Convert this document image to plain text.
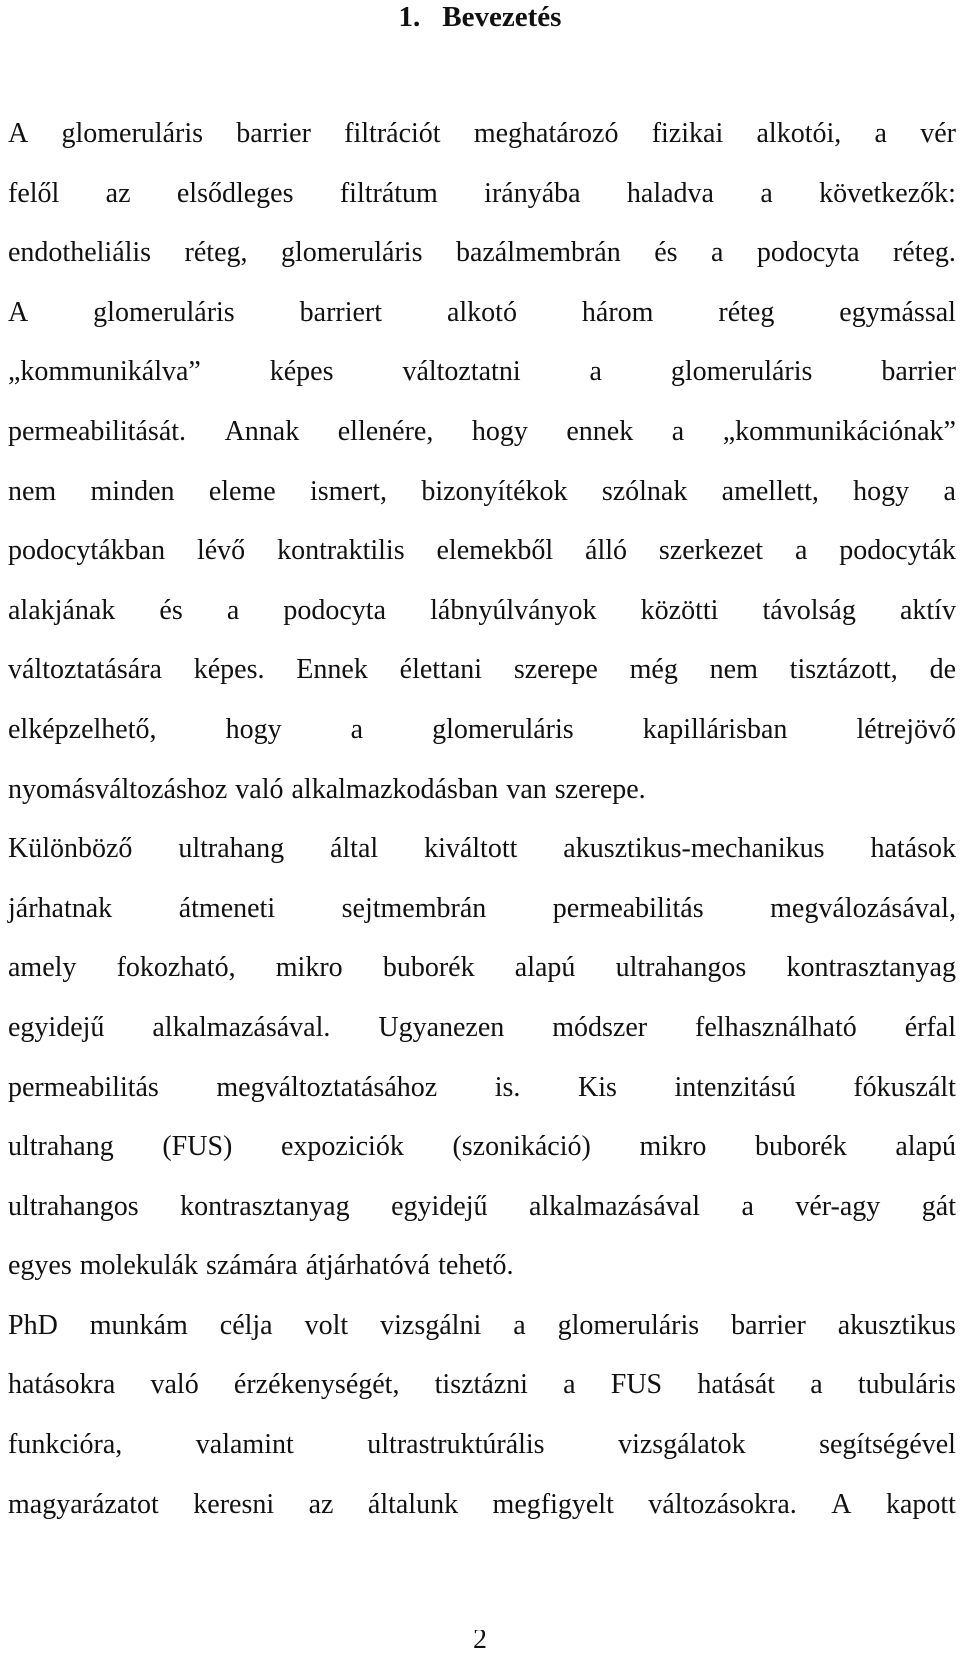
1. Bevezetés
A glomeruláris barrier filtrációt meghatározó fizikai alkotói, a vér
felől az elsődleges filtrátum irányába haladva a következők:
endotheliális réteg, glomeruláris bazálmembrán és a podocyta réteg.
A glomeruláris barriert alkotó három réteg egymással
„kommunikálva” képes változtatni a glomeruláris barrier
permeabilitását. Annak ellenére, hogy ennek a „kommunikációnak”
nem minden eleme ismert, bizonyítékok szólnak amellett, hogy a
podocytákban lévő kontraktilis elemekből álló szerkezet a podocyták
alakjának és a podocyta lábnyúlványok közötti távolság aktív
változtatására képes. Ennek élettani szerepe még nem tisztázott, de
elképzelhető, hogy a glomeruláris kapillárisban létrejövő
nyomásváltozáshoz való alkalmazkodásban van szerepe.
Különböző ultrahang által kiváltott akusztikus-mechanikus hatások
járhatnak átmeneti sejtmembrán permeabilitás megválozásával,
amely fokozható, mikro buborék alapú ultrahangos kontrasztanyag
egyidejű alkalmazásával. Ugyanezen módszer felhasználható érfal
permeabilitás megváltoztatásához is. Kis intenzitású fókuszált
ultrahang (FUS) expoziciók (szonikáció) mikro buborék alapú
ultrahangos kontrasztanyag egyidejű alkalmazásával a vér-agy gát
egyes molekulák számára átjárhatóvá tehető.
PhD munkám célja volt vizsgálni a glomeruláris barrier akusztikus
hatásokra való érzékenységét, tisztázni a FUS hatását a tubuláris
funkcióra,	valamint	ultrastruktúrális	vizsgálatok	segítségével
magyarázatot keresni az általunk megfigyelt változásokra. A kapott
2
